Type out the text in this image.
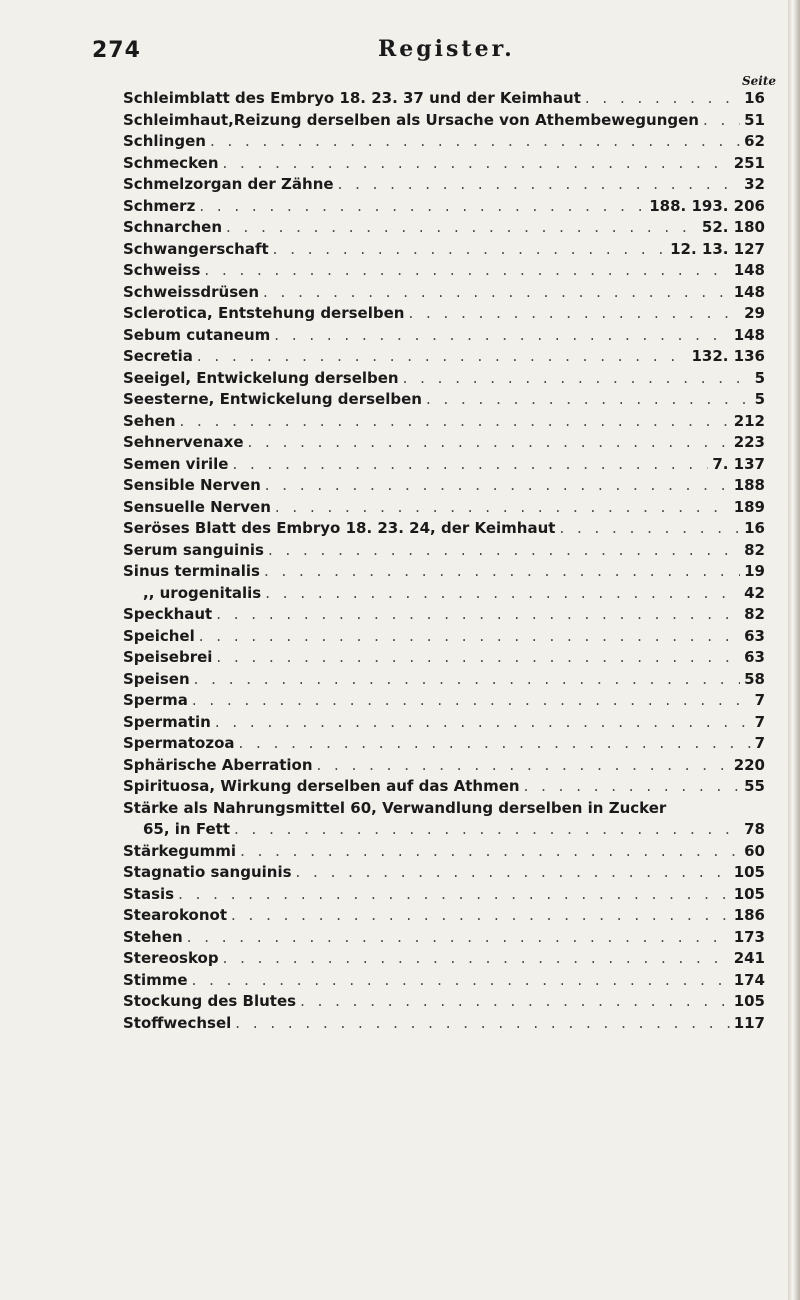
274	Register.
Seite
Schleimblatt des Embryo 18. 23. 37 und der Keimhaut . . .	16
Schleimhaut,Reizung derselben als Ursache von Athembewegungen . . .	51
Schlingen . . .	62
Schmecken . . .	251
Schmelzorgan der Zähne . . .	32
Schmerz . . .	188. 193. 206
Schnarchen . . .	52. 180
Schwangerschaft . . .	12. 13. 127
Schweiss . . .	148
Schweissdrüsen . . .	148
Sclerotica, Entstehung derselben . . .	29
Sebum cutaneum . . .	148
Secretia . . .	132. 136
Seeigel, Entwickelung derselben . . .	5
Seesterne, Entwickelung derselben . . .	5
Sehen . . .	212
Sehnervenaxe . . .	223
Semen virile . . .	7. 137
Sensible Nerven . . .	188
Sensuelle Nerven . . .	189
Seröses Blatt des Embryo 18. 23. 24, der Keimhaut . . .	16
Serum sanguinis . . .	82
Sinus terminalis . . .	19
,, urogenitalis . . .	42
Speckhaut . . .	82
Speichel . . .	63
Speisebrei . . .	63
Speisen . . .	58
Sperma . . .	7
Spermatin . . .	7
Spermatozoa . . .	7
Sphärische Aberration . . .	220
Spirituosa, Wirkung derselben auf das Athmen . . .	55
Stärke als Nahrungsmittel 60, Verwandlung derselben in Zucker
65, in Fett . . .	78
Stärkegummi . . .	60
Stagnatio sanguinis . . .	105
Stasis . . .	105
Stearokonot . . .	186
Stehen . . .	173
Stereoskop . . .	241
Stimme . . .	174
Stockung des Blutes . . .	105
Stoffwechsel . . .	117
